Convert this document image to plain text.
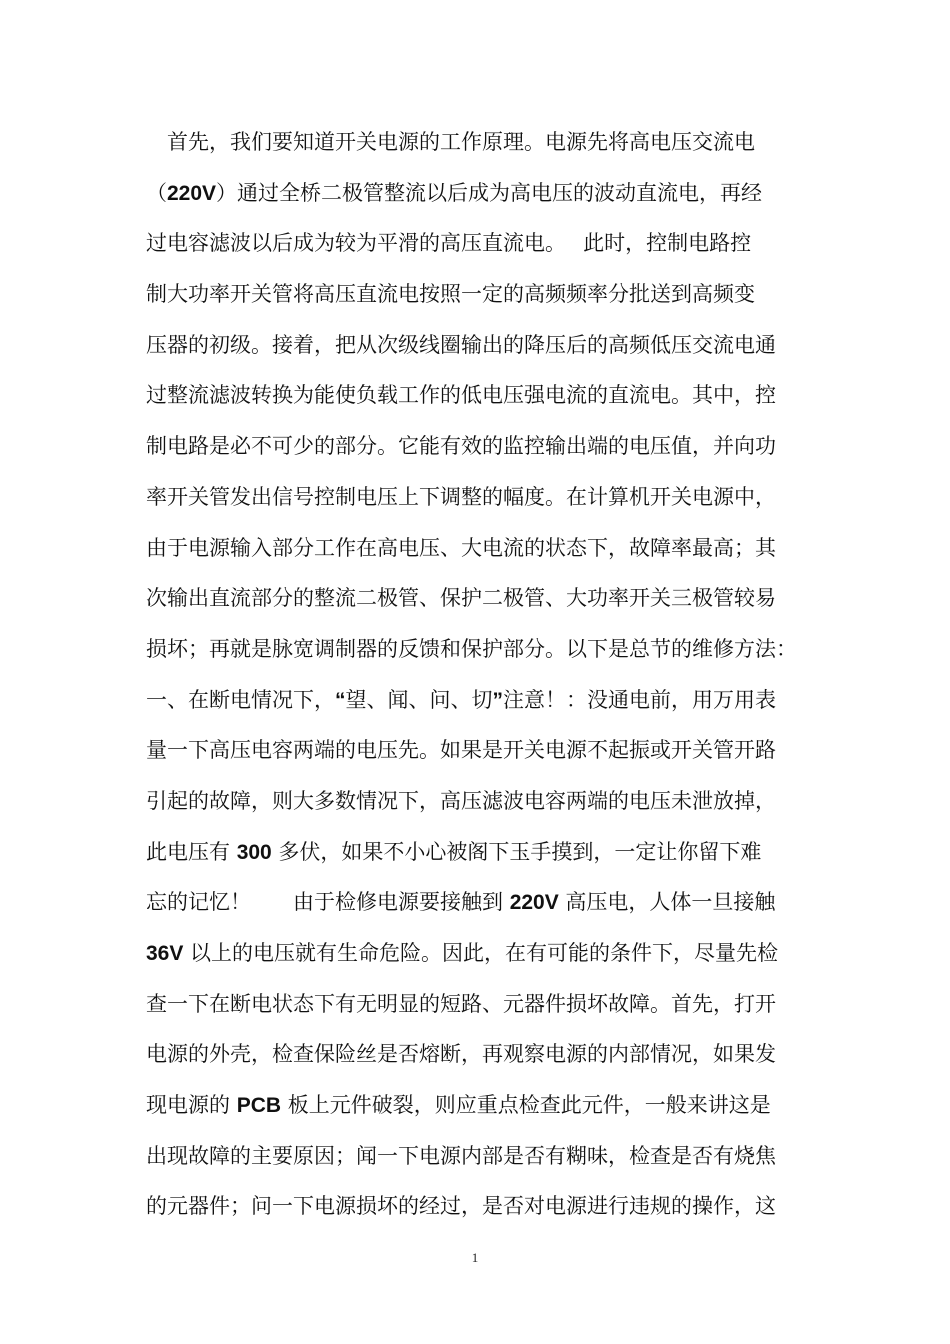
　首先，我们要知道开关电源的工作原理。电源先将高电压交流电
（220V）通过全桥二极管整流以后成为高电压的波动直流电，再经
过电容滤波以后成为较为平滑的高压直流电。　 此时，控制电路控
制大功率开关管将高压直流电按照一定的高频频率分批送到高频变
压器的初级。接着，把从次级线圈输出的降压后的高频低压交流电通
过整流滤波转换为能使负载工作的低电压强电流的直流电。其中，控
制电路是必不可少的部分。它能有效的监控输出端的电压值，并向功
率开关管发出信号控制电压上下调整的幅度。在计算机开关电源中，
由于电源输入部分工作在高电压、大电流的状态下，故障率最高；其
次输出直流部分的整流二极管、保护二极管、大功率开关三极管较易
损坏；再就是脉宽调制器的反馈和保护部分。以下是总节的维修方法：
一、在断电情况下，“望、闻、问、切”注意！：没通电前，用万用表
量一下高压电容两端的电压先。如果是开关电源不起振或开关管开路
引起的故障，则大多数情况下，高压滤波电容两端的电压未泄放掉，
此电压有 300 多伏，如果不小心被阁下玉手摸到，一定让你留下难
忘的记忆！　　由于检修电源要接触到 220V 高压电，人体一旦接触
36V 以上的电压就有生命危险。因此，在有可能的条件下，尽量先检
查一下在断电状态下有无明显的短路、元器件损坏故障。首先，打开
电源的外壳，检查保险丝是否熔断，再观察电源的内部情况，如果发
现电源的 PCB 板上元件破裂，则应重点检查此元件，一般来讲这是
出现故障的主要原因；闻一下电源内部是否有糊味，检查是否有烧焦
的元器件；问一下电源损坏的经过，是否对电源进行违规的操作，这
1
